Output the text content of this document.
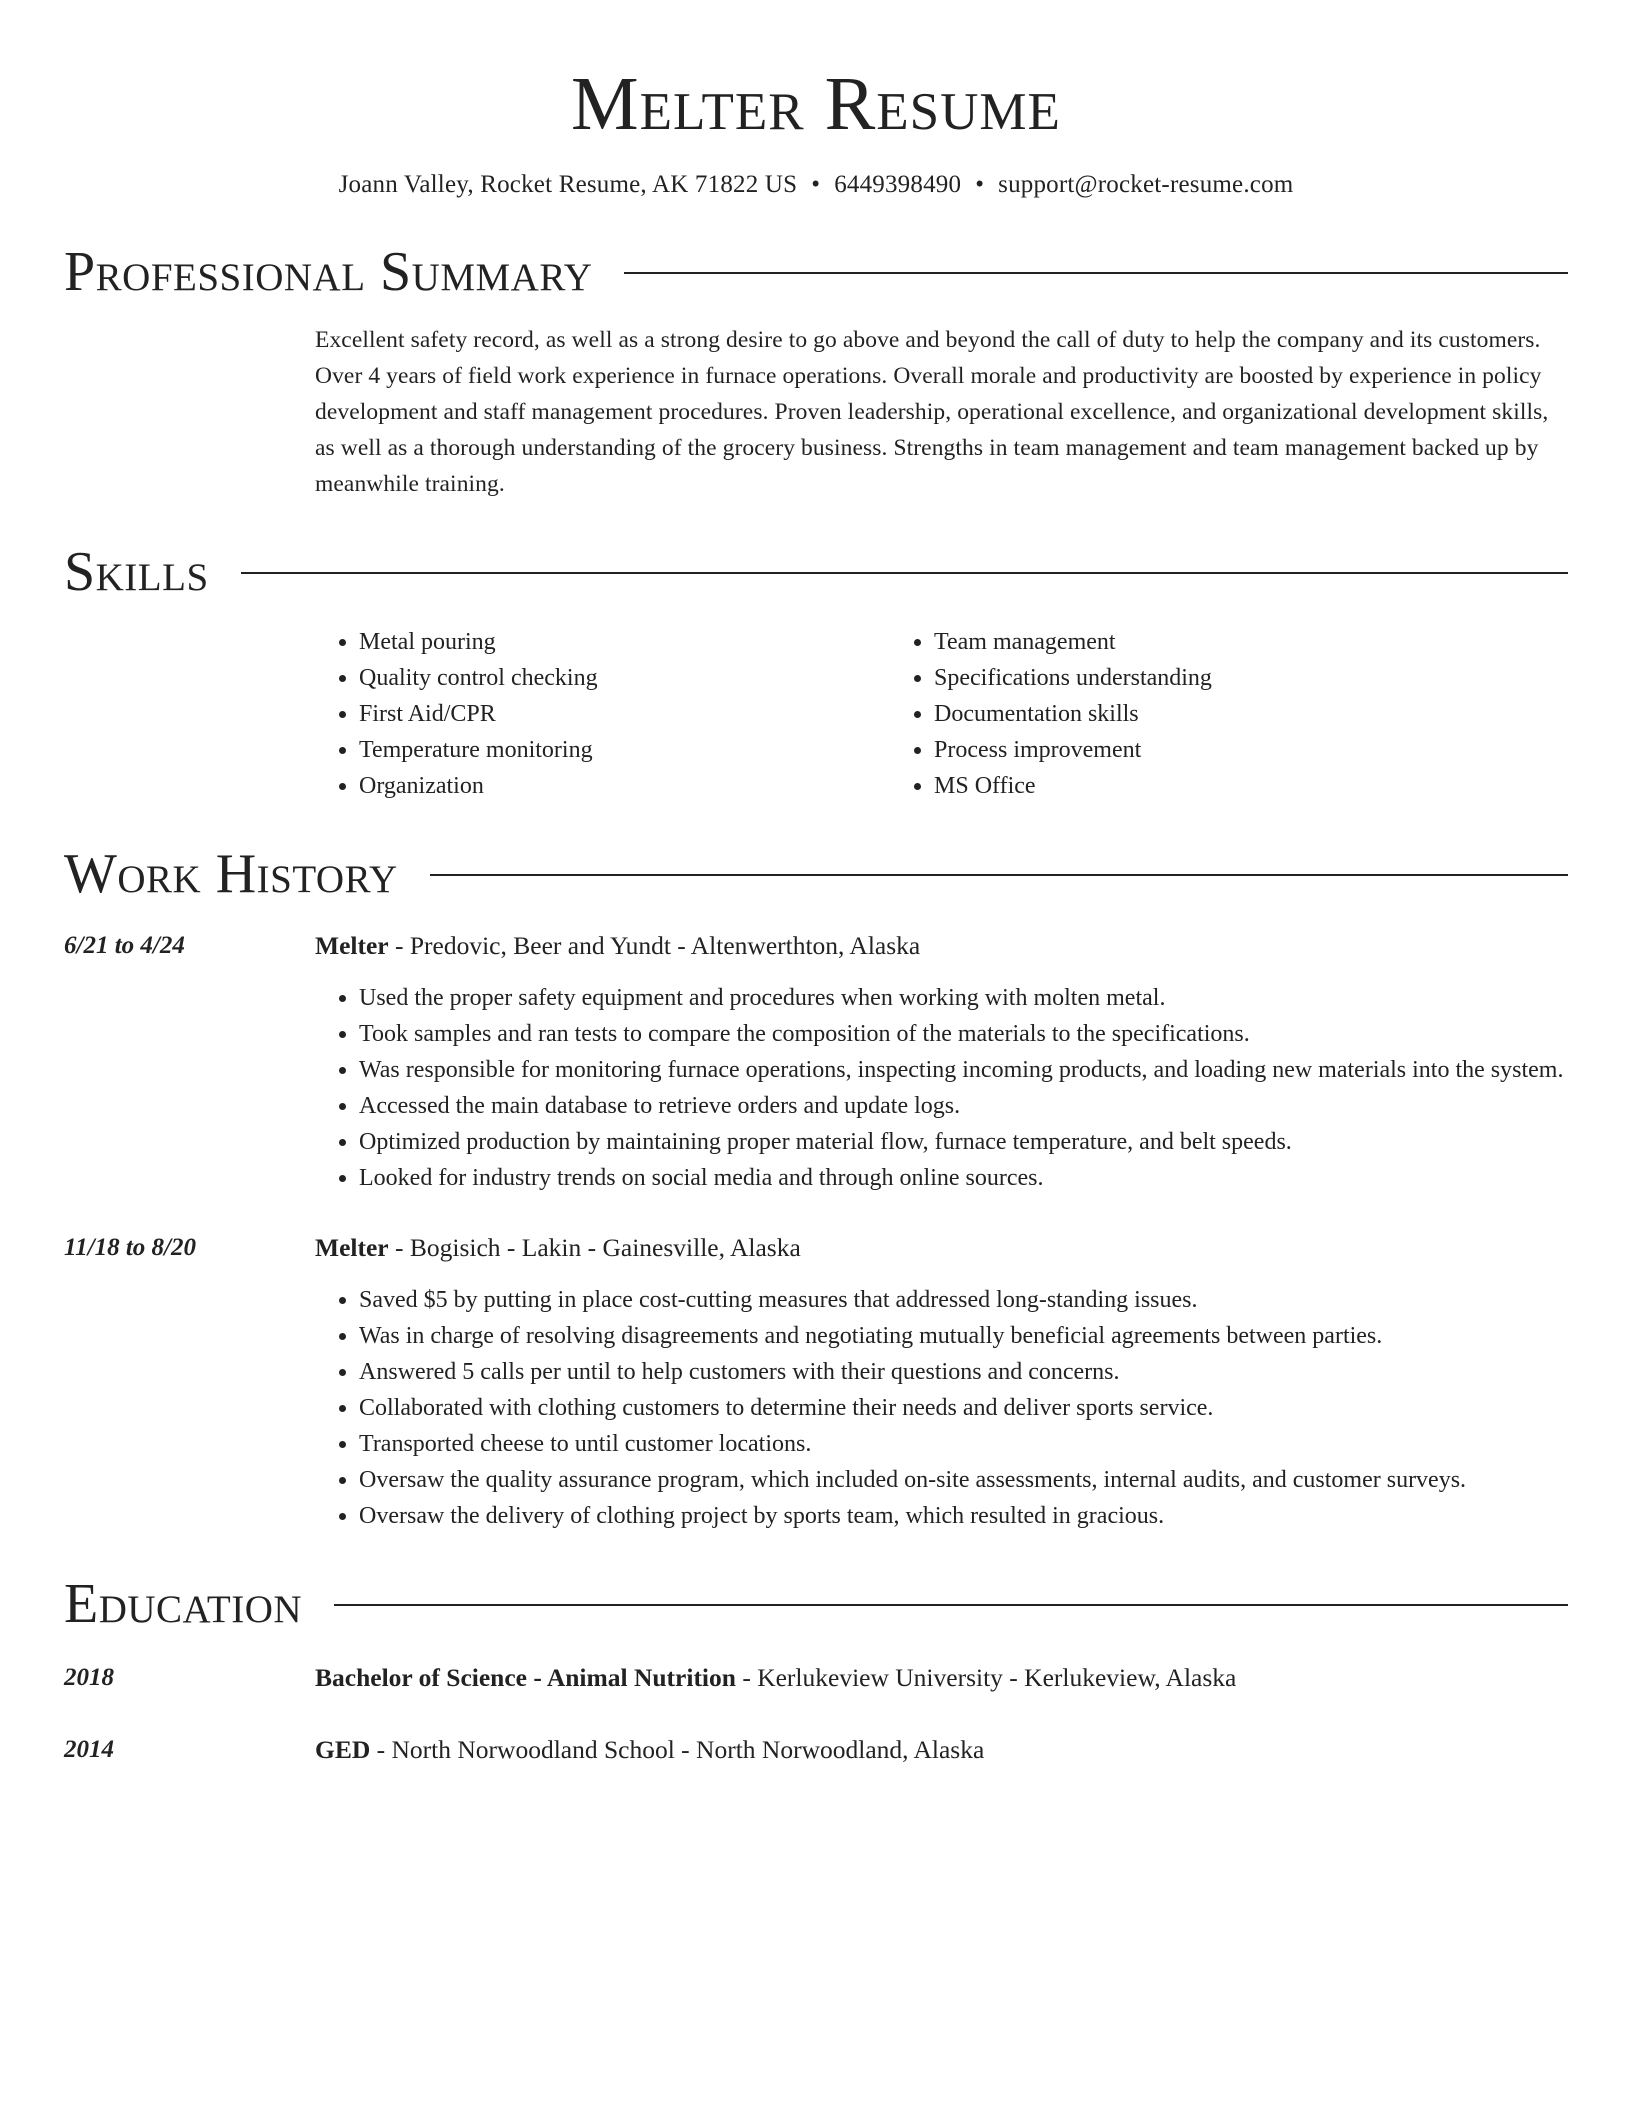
Melter Resume
Joann Valley, Rocket Resume, AK 71822 US • 6449398490 • support@rocket-resume.com
Professional Summary
Excellent safety record, as well as a strong desire to go above and beyond the call of duty to help the company and its customers. Over 4 years of field work experience in furnace operations. Overall morale and productivity are boosted by experience in policy development and staff management procedures. Proven leadership, operational excellence, and organizational development skills, as well as a thorough understanding of the grocery business. Strengths in team management and team management backed up by meanwhile training.
Skills
• Metal pouring
• Quality control checking
• First Aid/CPR
• Temperature monitoring
• Organization
• Team management
• Specifications understanding
• Documentation skills
• Process improvement
• MS Office
Work History
6/21 to 4/24	Melter - Predovic, Beer and Yundt - Altenwerthton, Alaska
• Used the proper safety equipment and procedures when working with molten metal.
• Took samples and ran tests to compare the composition of the materials to the specifications.
• Was responsible for monitoring furnace operations, inspecting incoming products, and loading new materials into the system.
• Accessed the main database to retrieve orders and update logs.
• Optimized production by maintaining proper material flow, furnace temperature, and belt speeds.
• Looked for industry trends on social media and through online sources.
11/18 to 8/20	Melter - Bogisich - Lakin - Gainesville, Alaska
• Saved $5 by putting in place cost-cutting measures that addressed long-standing issues.
• Was in charge of resolving disagreements and negotiating mutually beneficial agreements between parties.
• Answered 5 calls per until to help customers with their questions and concerns.
• Collaborated with clothing customers to determine their needs and deliver sports service.
• Transported cheese to until customer locations.
• Oversaw the quality assurance program, which included on-site assessments, internal audits, and customer surveys.
• Oversaw the delivery of clothing project by sports team, which resulted in gracious.
Education
2018	Bachelor of Science - Animal Nutrition - Kerlukeview University - Kerlukeview, Alaska
2014	GED - North Norwoodland School - North Norwoodland, Alaska
